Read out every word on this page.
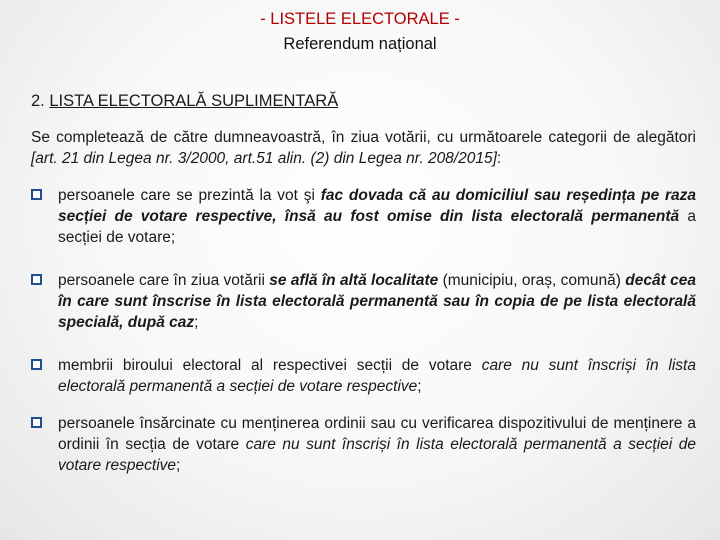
- LISTELE ELECTORALE -
Referendum național
2. LISTA ELECTORALĂ SUPLIMENTARĂ
Se completează de către dumneavoastră, în ziua votării, cu următoarele categorii de alegători [art. 21 din Legea nr. 3/2000, art.51 alin. (2) din Legea nr. 208/2015]:
persoanele care se prezintă la vot şi fac dovada că au domiciliul sau reședința pe raza secției de votare respective, însă au fost omise din lista electorală permanentă a secției de votare;
persoanele care în ziua votării se află în altă localitate (municipiu, oraș, comună) decât cea în care sunt înscrise în lista electorală permanentă sau în copia de pe lista electorală specială, după caz;
membrii biroului electoral al respectivei secții de votare care nu sunt înscriși în lista electorală permanentă a secției de votare respective;
persoanele însărcinate cu menținerea ordinii sau cu verificarea dispozitivului de menținere a ordinii în secția de votare care nu sunt înscriși în lista electorală permanentă a secției de votare respective;
